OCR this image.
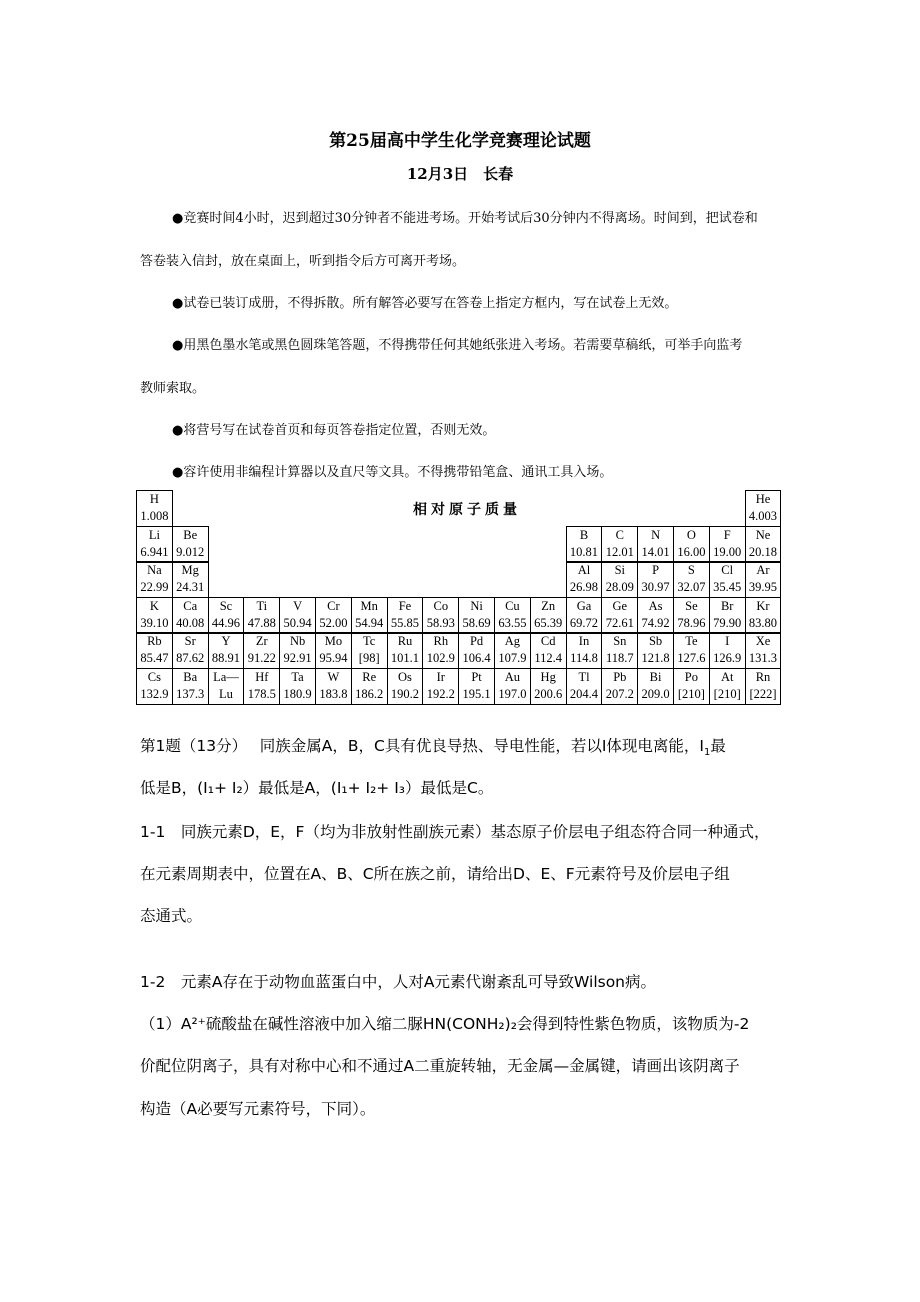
第25届高中学生化学竞赛理论试题
12月3日　长春
●竞赛时间4小时，迟到超过30分钟者不能进考场。开始考试后30分钟内不得离场。时间到，把试卷和
答卷装入信封，放在桌面上，听到指令后方可离开考场。
●试卷已装订成册，不得拆散。所有解答必要写在答卷上指定方框内，写在试卷上无效。
●用黑色墨水笔或黑色圆珠笔答题，不得携带任何其她纸张进入考场。若需要草稿纸，可举手向监考
教师索取。
●将营号写在试卷首页和每页答卷指定位置，否则无效。
●容许使用非编程计算器以及直尺等文具。不得携带铅笔盒、通讯工具入场。
相对原子质量
H
1.008
He
4.003
Li
6.941
Be
9.012
B
10.81
C
12.01
N
14.01
O
16.00
F
19.00
Ne
20.18
Na
22.99
Mg
24.31
Al
26.98
Si
28.09
P
30.97
S
32.07
Cl
35.45
Ar
39.95
K
39.10
Ca
40.08
Sc
44.96
Ti
47.88
V
50.94
Cr
52.00
Mn
54.94
Fe
55.85
Co
58.93
Ni
58.69
Cu
63.55
Zn
65.39
Ga
69.72
Ge
72.61
As
74.92
Se
78.96
Br
79.90
Kr
83.80
Rb
85.47
Sr
87.62
Y
88.91
Zr
91.22
Nb
92.91
Mo
95.94
Tc
[98]
Ru
101.1
Rh
102.9
Pd
106.4
Ag
107.9
Cd
112.4
In
114.8
Sn
118.7
Sb
121.8
Te
127.6
I
126.9
Xe
131.3
Cs
132.9
Ba
137.3
La—
Lu
Hf
178.5
Ta
180.9
W
183.8
Re
186.2
Os
190.2
Ir
192.2
Pt
195.1
Au
197.0
Hg
200.6
Tl
204.4
Pb
207.2
Bi
209.0
Po
[210]
At
[210]
Rn
[222]
第1题（13分）　 同族金属A，B，C具有优良导热、导电性能，若以I体现电离能，$I_1$最
低是B，(I₁+ I₂）最低是A，(I₁+ I₂+ I₃）最低是C。
1-1　同族元素D，E，F（均为非放射性副族元素）基态原子价层电子组态符合同一种通式，
在元素周期表中，位置在A、B、C所在族之前，请给出D、E、F元素符号及价层电子组
态通式。
1-2　元素A存在于动物血蓝蛋白中，人对A元素代谢紊乱可导致Wilson病。
（1）A²⁺硫酸盐在碱性溶液中加入缩二脲HN(CONH₂)₂会得到特性紫色物质，该物质为-2
价配位阴离子，具有对称中心和不通过A二重旋转轴，无金属—金属键，请画出该阴离子
构造（A必要写元素符号，下同）。
